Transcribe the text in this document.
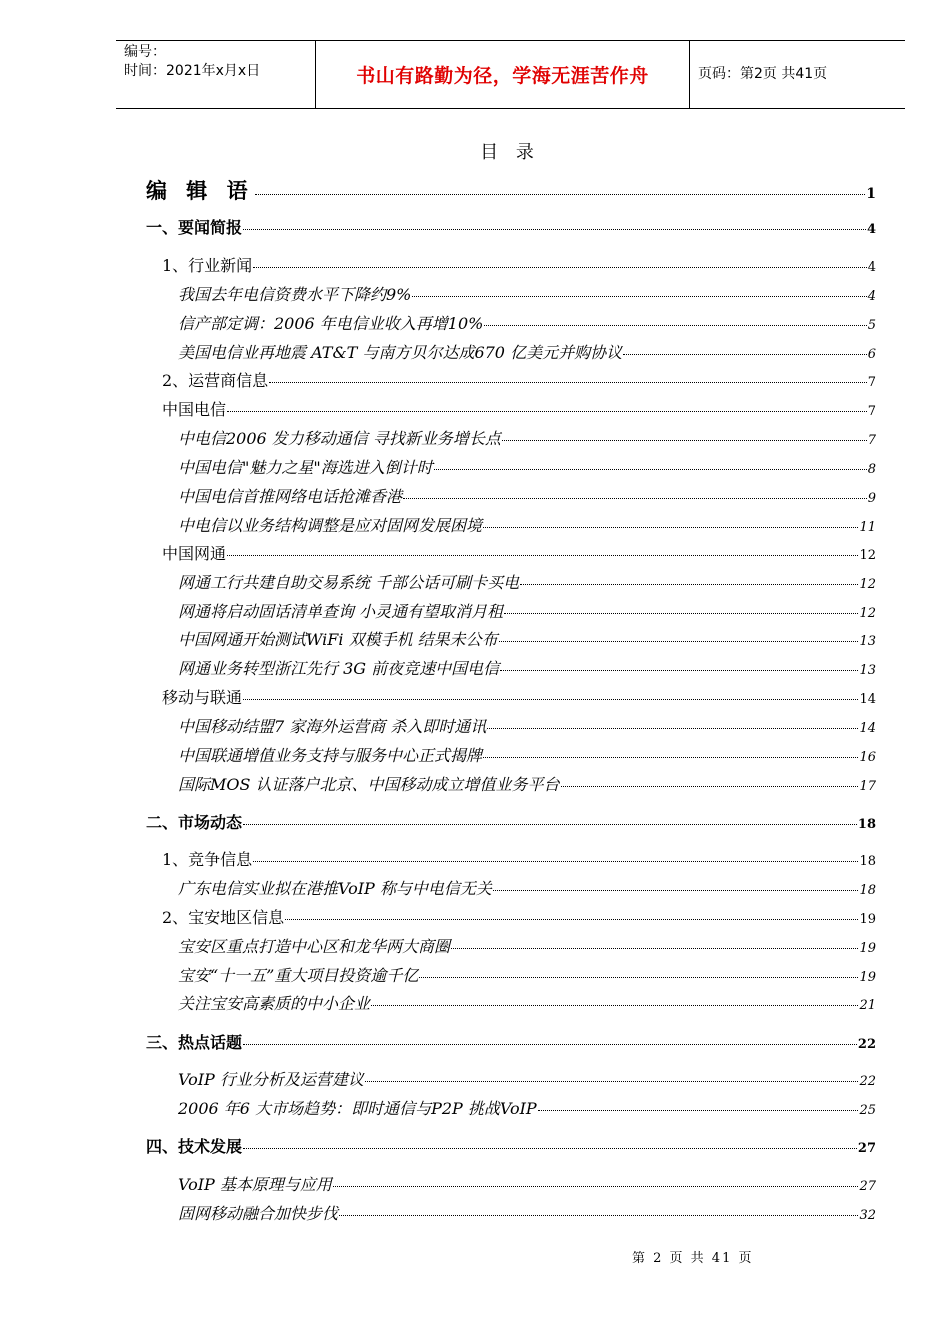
编号：
时间：2021年x月x日	书山有路勤为径，学海无涯苦作舟	页码：第2页 共41页
目 录
编 辑 语	1
一、要闻简报	4
1、行业新闻	4
我国去年电信资费水平下降约9%	4
信产部定调：2006 年电信业收入再增10%	5
美国电信业再地震 AT&T 与南方贝尔达成670 亿美元并购协议	6
2、运营商信息	7
中国电信	7
中电信2006 发力移动通信 寻找新业务增长点	7
中国电信"魅力之星"海选进入倒计时	8
中国电信首推网络电话抢滩香港	9
中电信以业务结构调整是应对固网发展困境	11
中国网通	12
网通工行共建自助交易系统 千部公话可刷卡买电	12
网通将启动固话清单查询 小灵通有望取消月租	12
中国网通开始测试WiFi 双模手机 结果未公布	13
网通业务转型浙江先行 3G 前夜竞速中国电信	13
移动与联通	14
中国移动结盟7 家海外运营商 杀入即时通讯	14
中国联通增值业务支持与服务中心正式揭牌	16
国际MOS 认证落户北京、中国移动成立增值业务平台	17
二、市场动态	18
1、竞争信息	18
广东电信实业拟在港推VoIP 称与中电信无关	18
2、宝安地区信息	19
宝安区重点打造中心区和龙华两大商圈	19
宝安“十一五”重大项目投资逾千亿	19
关注宝安高素质的中小企业	21
三、热点话题	22
VoIP 行业分析及运营建议	22
2006 年6 大市场趋势：即时通信与P2P 挑战VoIP	25
四、技术发展	27
VoIP 基本原理与应用	27
固网移动融合加快步伐	32
第 2 页 共 41 页
